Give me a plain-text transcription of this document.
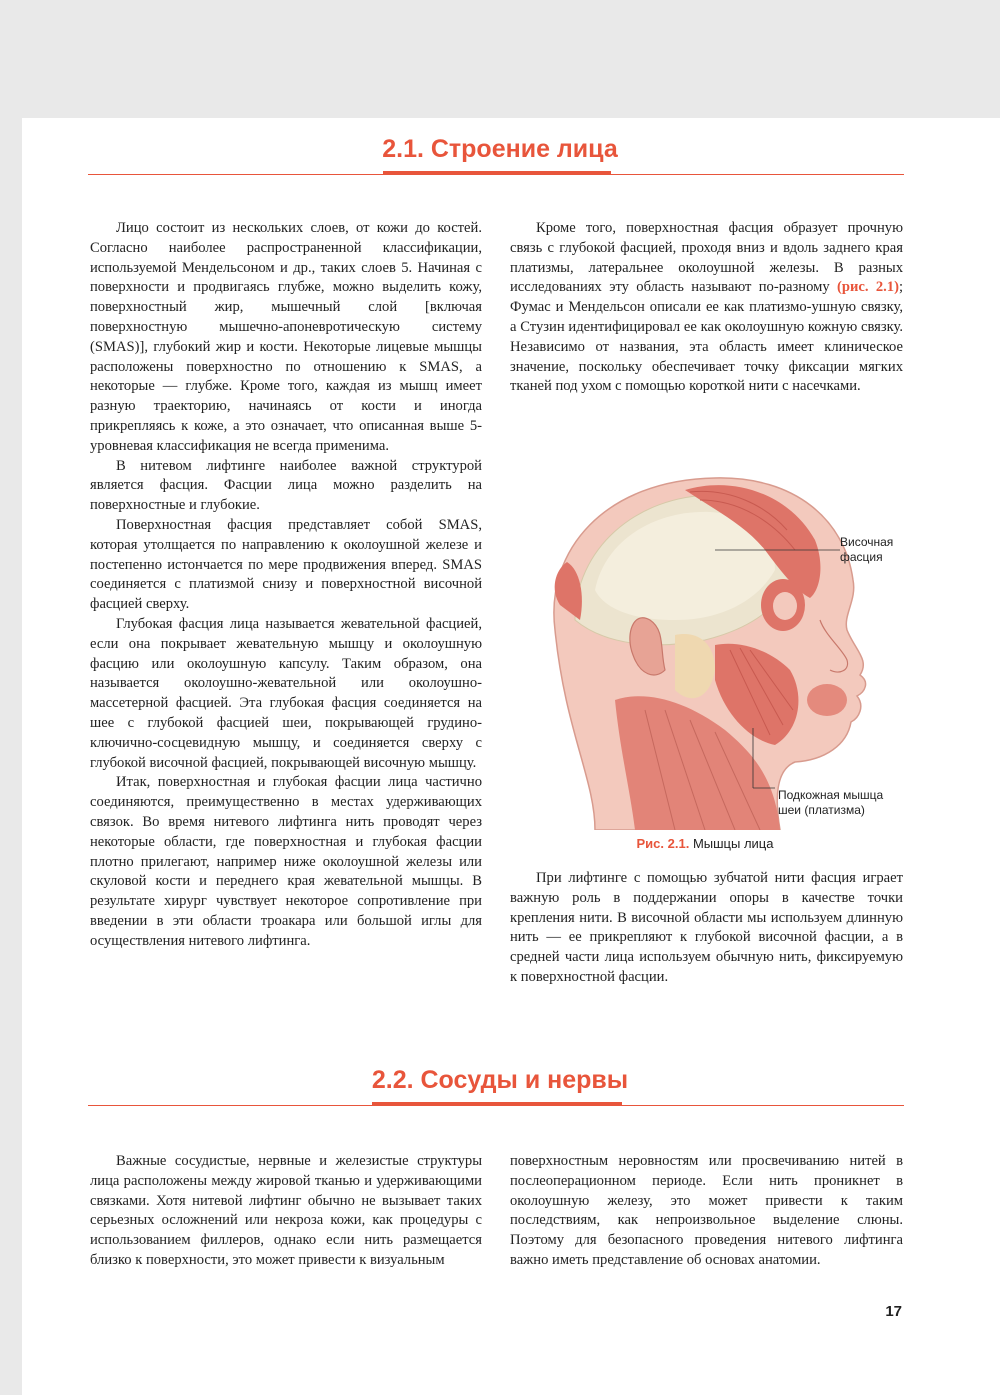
2.1. Строение лица

Лицо состоит из нескольких слоев, от кожи до костей. Согласно наиболее распространенной классификации, используемой Мендельсоном и др., таких слоев 5. Начиная с поверхности и продвигаясь глубже, можно выделить кожу, поверхностный жир, мышечный слой [включая поверхностную мышечно-апоневротическую систему (SMAS)], глубокий жир и кости. Некоторые лицевые мышцы расположены поверхностно по отношению к SMAS, а некоторые — глубже. Кроме того, каждая из мышц имеет разную траекторию, начинаясь от кости и иногда прикрепляясь к коже, а это означает, что описанная выше 5-уровневая классификация не всегда применима.

В нитевом лифтинге наиболее важной структурой является фасция. Фасции лица можно разделить на поверхностные и глубокие.

Поверхностная фасция представляет собой SMAS, которая утолщается по направлению к околоушной железе и постепенно истончается по мере продвижения вперед. SMAS соединяется с платизмой снизу и поверхностной височной фасцией сверху.

Глубокая фасция лица называется жевательной фасцией, если она покрывает жевательную мышцу и околоушную фасцию или околоушную капсулу. Таким образом, она называется околоушно-жевательной или околоушно-массетерной фасцией. Эта глубокая фасция соединяется на шее с глубокой фасцией шеи, покрывающей грудино-ключично-сосцевидную мышцу, и соединяется сверху с глубокой височной фасцией, покрывающей височную мышцу.

Итак, поверхностная и глубокая фасции лица частично соединяются, преимущественно в местах удерживающих связок. Во время нитевого лифтинга нить проводят через некоторые области, где поверхностная и глубокая фасции плотно прилегают, например ниже околоушной железы или скуловой кости и переднего края жевательной мышцы. В результате хирург чувствует некоторое сопротивление при введении в эти области троакара или большой иглы для осуществления нитевого лифтинга.

Кроме того, поверхностная фасция образует прочную связь с глубокой фасцией, проходя вниз и вдоль заднего края платизмы, латеральнее околоушной железы. В разных исследованиях эту область называют по-разному (рис. 2.1); Фумас и Мендельсон описали ее как платизмо-ушную связку, а Стузин идентифицировал ее как околоушную кожную связку. Независимо от названия, эта область имеет клиническое значение, поскольку обеспечивает точку фиксации мягких тканей под ухом с помощью короткой нити с насечками.

Височная
фасция
Подкожная мышца
шеи (платизма)
Рис. 2.1. Мышцы лица

При лифтинге с помощью зубчатой нити фасция играет важную роль в поддержании опоры в качестве точки крепления нити. В височной области мы используем длинную нить — ее прикрепляют к глубокой височной фасции, а в средней части лица используем обычную нить, фиксируемую к поверхностной фасции.

2.2. Сосуды и нервы

Важные сосудистые, нервные и железистые структуры лица расположены между жировой тканью и удерживающими связками. Хотя нитевой лифтинг обычно не вызывает таких серьезных осложнений или некроза кожи, как процедуры с использованием филлеров, однако если нить размещается близко к поверхности, это может привести к визуальным

поверхностным неровностям или просвечиванию нитей в послеоперационном периоде. Если нить проникнет в околоушную железу, это может привести к таким последствиям, как непроизвольное выделение слюны. Поэтому для безопасного проведения нитевого лифтинга важно иметь представление об основах анатомии.

17
